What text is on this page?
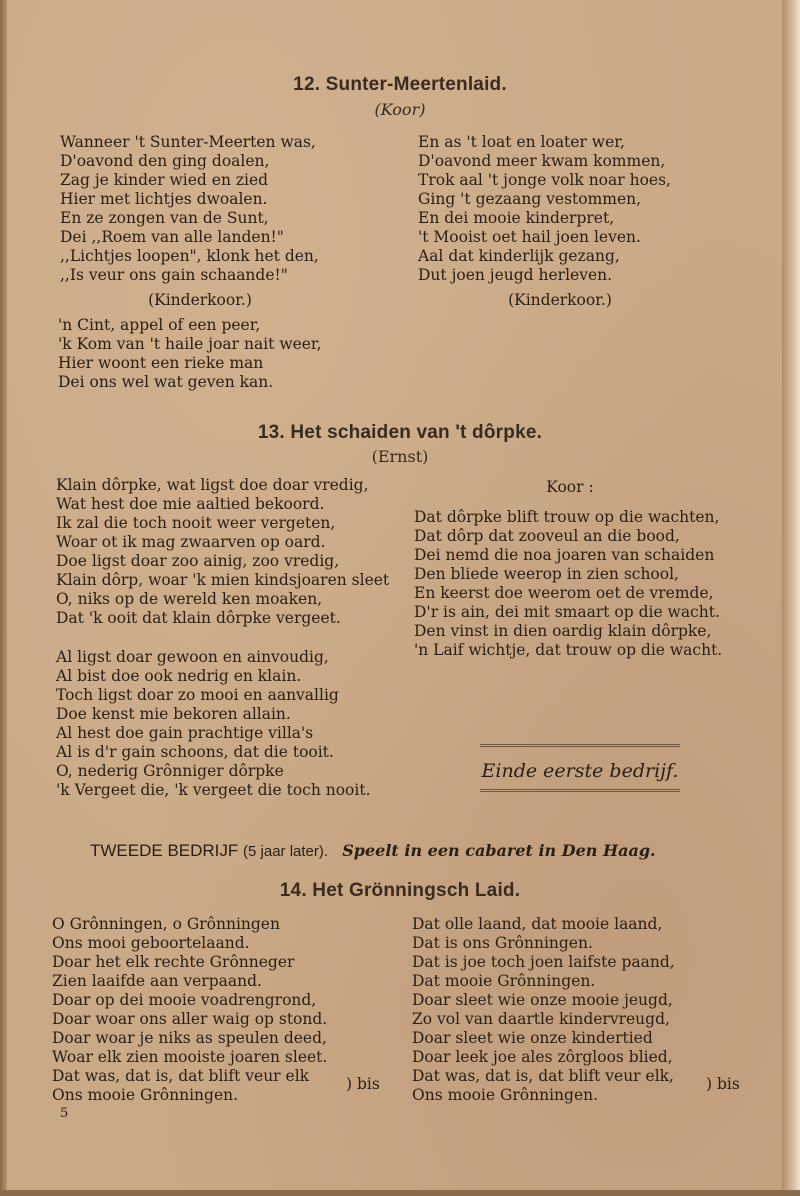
12. Sunter-Meertenlaid.
(Koor)
Wanneer 't Sunter-Meerten was,
D'oavond den ging doalen,
Zag je kinder wied en zied
Hier met lichtjes dwoalen.
En ze zongen van de Sunt,
Dei ,,Roem van alle landen!"
,,Lichtjes loopen", klonk het den,
,,Is veur ons gain schaande!"
En as 't loat en loater wer,
D'oavond meer kwam kommen,
Trok aal 't jonge volk noar hoes,
Ging 't gezaang vestommen,
En dei mooie kinderpret,
't Mooist oet hail joen leven.
Aal dat kinderlijk gezang,
Dut joen jeugd herleven.
(Kinderkoor.)	(Kinderkoor.)
'n Cint, appel of een peer,
'k Kom van 't haile joar nait weer,
Hier woont een rieke man
Dei ons wel wat geven kan.
13. Het schaiden van 't dôrpke.
(Ernst)
Klain dôrpke, wat ligst doe doar vredig,
Wat hest doe mie aaltied bekoord.
Ik zal die toch nooit weer vergeten,
Woar ot ik mag zwaarven op oard.
Doe ligst doar zoo ainig, zoo vredig,
Klain dôrp, woar 'k mien kindsjoaren sleet
O, niks op de wereld ken moaken,
Dat 'k ooit dat klain dôrpke vergeet.
Al ligst doar gewoon en ainvoudig,
Al bist doe ook nedrig en klain.
Toch ligst doar zo mooi en aanvallig
Doe kenst mie bekoren allain.
Al hest doe gain prachtige villa's
Al is d'r gain schoons, dat die tooit.
O, nederig Grônniger dôrpke
'k Vergeet die, 'k vergeet die toch nooit.
Koor :
Dat dôrpke blift trouw op die wachten,
Dat dôrp dat zooveul an die bood,
Dei nemd die noa joaren van schaiden
Den bliede weerop in zien school,
En keerst doe weerom oet de vremde,
D'r is ain, dei mit smaart op die wacht.
Den vinst in dien oardig klain dôrpke,
'n Laif wichtje, dat trouw op die wacht.
Einde eerste bedrijf.
TWEEDE BEDRIJF (5 jaar later). Speelt in een cabaret in Den Haag.
14. Het Grönningsch Laid.
O Grônningen, o Grônningen
Ons mooi geboortelaand.
Doar het elk rechte Grônneger
Zien laaifde aan verpaand.
Doar op dei mooie voadrengrond,
Doar woar ons aller waig op stond.
Doar woar je niks as speulen deed,
Woar elk zien mooiste joaren sleet.
Dat was, dat is, dat blift veur elk
Ons mooie Grônningen.
) bis
Dat olle laand, dat mooie laand,
Dat is ons Grônningen.
Dat is joe toch joen laifste paand,
Dat mooie Grônningen.
Doar sleet wie onze mooie jeugd,
Zo vol van daartle kindervreugd,
Doar sleet wie onze kindertied
Doar leek joe ales zôrgloos blied,
Dat was, dat is, dat blift veur elk,
Ons mooie Grônningen.
) bis
5
